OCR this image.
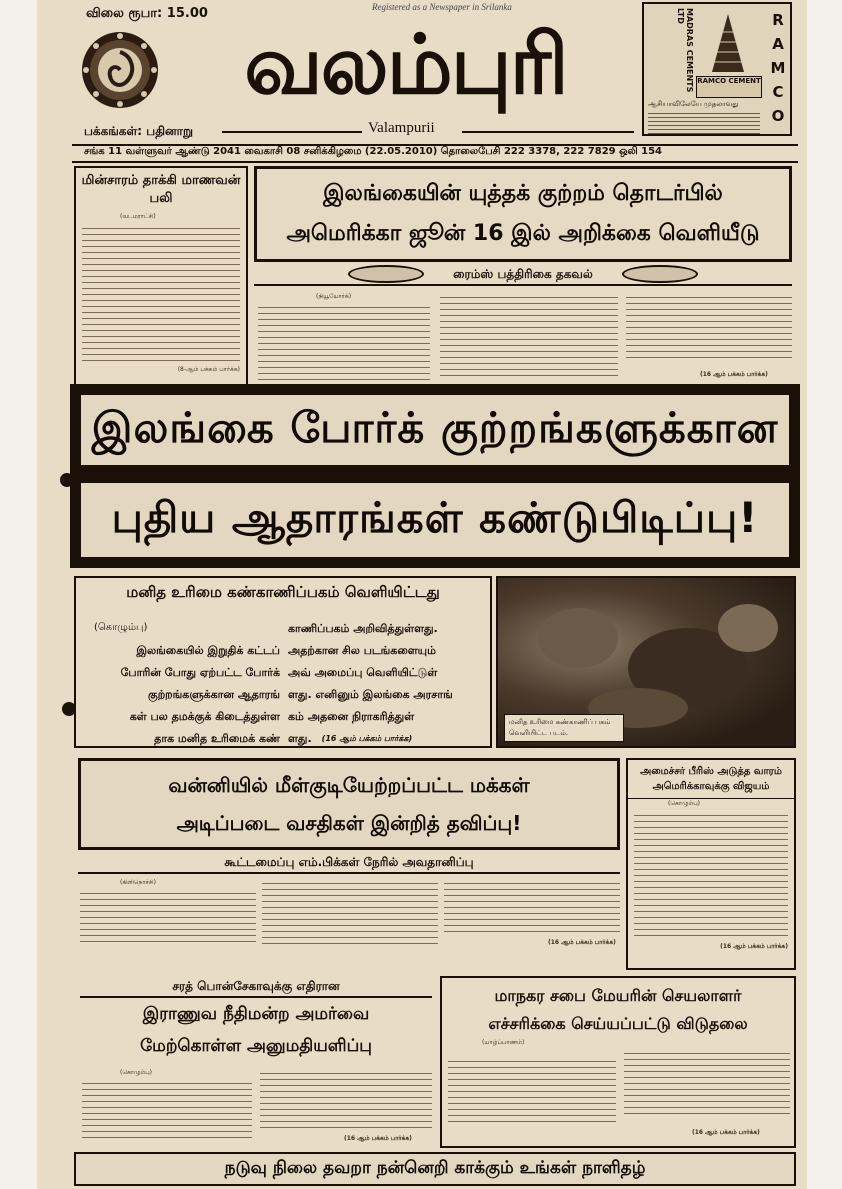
விலை ரூபா: 15.00	Registered as a Newspaper in Srilanka
வலம்புரி
பக்கங்கள்: பதினாறு	Valampurii
MADRAS CEMENTS LTD
RAMCO CEMENT
ஆசியாவிலேயே முதலாவது
R
A
M
C
O
சங்க 11 வள்ளுவர் ஆண்டு 2041 வைகாசி 08 சனிக்கிழமை (22.05.2010) தொலைபேசி 222 3378, 222 7829 ஒலி 154
மின்சாரம் தாக்கி மாணவன் பலி
(வடமராட்சி)
(8-ஆம் பக்கம் பார்க்க)
இலங்கையின் யுத்தக் குற்றம் தொடர்பில்
அமெரிக்கா ஜூன் 16 இல் அறிக்கை வெளியீடு
ரைம்ஸ் பத்திரிகை தகவல்
(நியூயோர்க்)
(16 ஆம் பக்கம் பார்க்க)
இலங்கை போர்க் குற்றங்களுக்கான
புதிய ஆதாரங்கள் கண்டுபிடிப்பு!
மனித உரிமை கண்காணிப்பகம் வெளியிட்டது
(கொழும்பு)
இலங்கையில் இறுதிக் கட்டப்
போரின் போது ஏற்பட்ட போர்க்
குற்றங்களுக்கான ஆதாரங்
கள் பல தமக்குக் கிடைத்துள்ள
தாக மனித உரிமைக் கண்
காணிப்பகம் அறிவித்துள்ளது.
அதற்கான சில படங்களையும்
அவ் அமைப்பு வெளியிட்டுள்
ளது. எனினும் இலங்கை அரசாங்
கம் அதனை நிராகரித்துள்
ளது. (16 ஆம் பக்கம் பார்க்க)
மனித உரிமை கண்காணிப் பகம் வெளியிட்ட படம்.
வன்னியில் மீள்குடியேற்றப்பட்ட மக்கள்
அடிப்படை வசதிகள் இன்றித் தவிப்பு!
கூட்டமைப்பு எம்.பிக்கள் நேரில் அவதானிப்பு
(கிளிநொச்சி)
(16 ஆம் பக்கம் பார்க்க)
அமைச்சர் பீரிஸ் அடுத்த வாரம் அமெரிக்காவுக்கு விஜயம்
(கொழும்பு)
(16 ஆம் பக்கம் பார்க்க)
சரத் பொன்சேகாவுக்கு எதிரான
இராணுவ நீதிமன்ற அமர்வை
மேற்கொள்ள அனுமதியளிப்பு
(கொழும்பு)
(16 ஆம் பக்கம் பார்க்க)
மாநகர சபை மேயரின் செயலாளர்
எச்சரிக்கை செய்யப்பட்டு விடுதலை
(யாழ்ப்பாணம்)
(16 ஆம் பக்கம் பார்க்க)
நடுவு நிலை தவறா நன்னெறி காக்கும் உங்கள் நாளிதழ்
